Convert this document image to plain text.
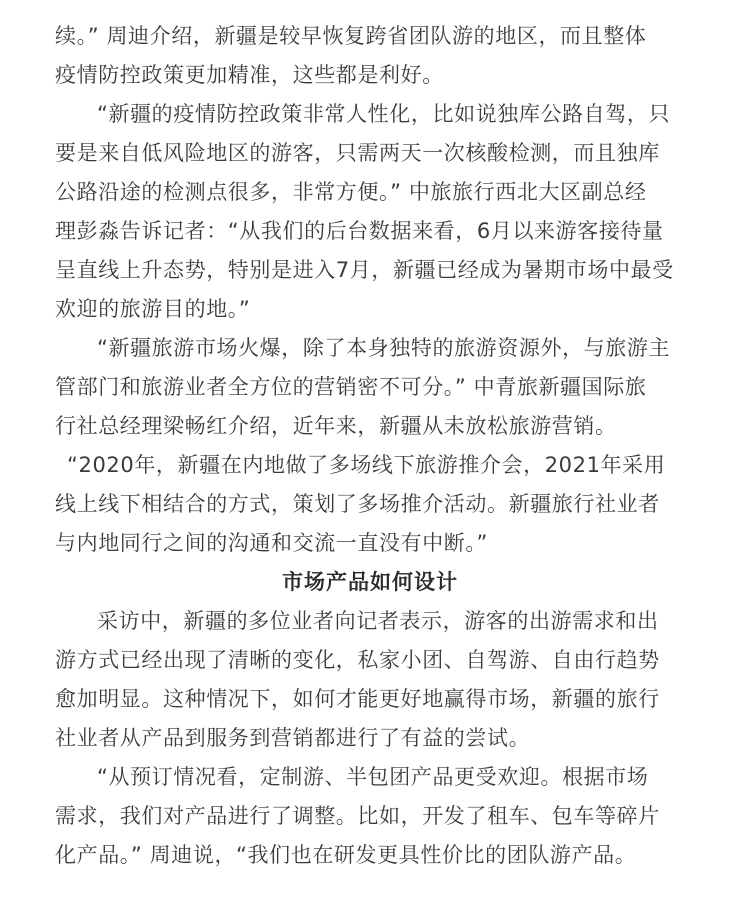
续。” 周迪介绍，新疆是较早恢复跨省团队游的地区，而且整体
疫情防控政策更加精准，这些都是利好。
“新疆的疫情防控政策非常人性化，比如说独库公路自驾，只
要是来自低风险地区的游客，只需两天一次核酸检测，而且独库
公路沿途的检测点很多，非常方便。” 中旅旅行西北大区副总经
理彭淼告诉记者：“从我们的后台数据来看，6月以来游客接待量
呈直线上升态势，特别是进入7月，新疆已经成为暑期市场中最受
欢迎的旅游目的地。”
“新疆旅游市场火爆，除了本身独特的旅游资源外，与旅游主
管部门和旅游业者全方位的营销密不可分。” 中青旅新疆国际旅
行社总经理梁畅红介绍，近年来，新疆从未放松旅游营销。
“2020年，新疆在内地做了多场线下旅游推介会，2021年采用
线上线下相结合的方式，策划了多场推介活动。新疆旅行社业者
与内地同行之间的沟通和交流一直没有中断。”
市场产品如何设计
采访中，新疆的多位业者向记者表示，游客的出游需求和出
游方式已经出现了清晰的变化，私家小团、自驾游、自由行趋势
愈加明显。这种情况下，如何才能更好地赢得市场，新疆的旅行
社业者从产品到服务到营销都进行了有益的尝试。
“从预订情况看，定制游、半包团产品更受欢迎。根据市场
需求，我们对产品进行了调整。比如，开发了租车、包车等碎片
化产品。” 周迪说，“我们也在研发更具性价比的团队游产品。
